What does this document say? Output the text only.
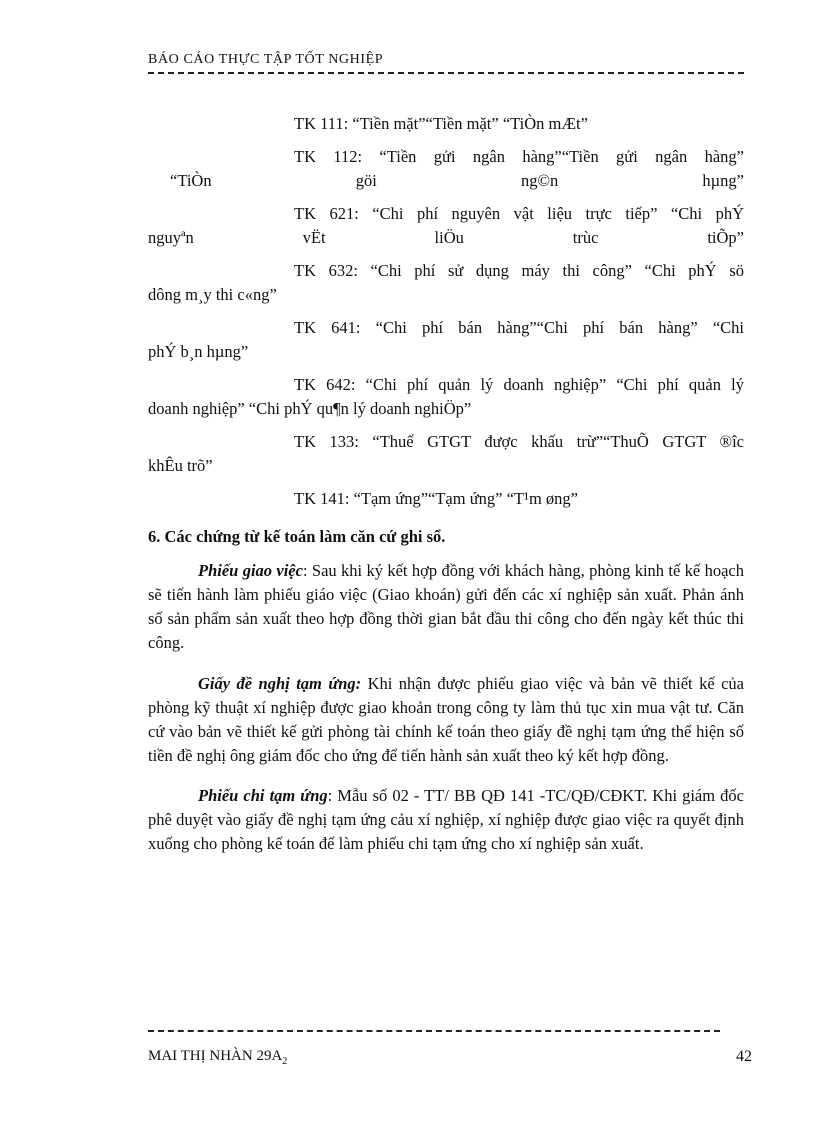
BÁO CÁO THỰC TẬP TỐT NGHIỆP
TK 111: “Tiền mặt”“Tiền mặt” “TiÒn mÆt”
TK 112: “Tiền gửi ngân hàng”“Tiền gửi ngân hàng”
“TiÒn göi ng©n hµng”
TK 621: “Chi phí nguyên vật liệu trực tiếp” “Chi phÝ
nguyªn vËt liÖu trùc tiÕp”
TK 632: “Chi phí sử dụng máy thi công” “Chi phÝ sö
dông m¸y thi c«ng”
TK 641: “Chi phí bán hàng”“Chi phí bán hàng” “Chi
phÝ b¸n hµng”
TK 642: “Chi phí quản lý doanh nghiệp” “Chi phí quản lý
doanh nghiệp” “Chi phÝ qu¶n lý doanh nghiÖp”
TK 133: “Thuế GTGT được khấu trừ”“ThuÕ GTGT ®îc
khÊu trõ”
TK 141: “Tạm ứng”“Tạm ứng” “T¹m øng”
6. Các chứng từ kế toán làm căn cứ ghi sổ.

Phiếu giao việc: Sau khi ký kết hợp đồng với khách hàng, phòng kinh tế kế hoạch sẽ tiến hành làm phiếu giáo việc (Giao khoán) gửi đến các xí nghiệp sản xuất. Phản ánh số sản phẩm sản xuất theo hợp đồng thời gian bắt đầu thi công cho đến ngày kết thúc thi công.

Giấy đề nghị tạm ứng: Khi nhận được phiếu giao việc và bản vẽ thiết kế của phòng kỹ thuật xí nghiệp được giao khoản trong công ty làm thủ tục xin mua vật tư. Căn cứ vào bản vẽ thiết kế gửi phòng tài chính kế toán theo giấy đề nghị tạm ứng thể hiện số tiền đề nghị ông giám đốc cho ứng để tiến hành sản xuất theo ký kết hợp đồng.

Phiếu chi tạm ứng: Mẫu số 02 - TT/ BB QĐ 141 -TC/QĐ/CĐKT. Khi giám đốc phê duyệt vào giấy đề nghị tạm ứng cảu xí nghiệp, xí nghiệp được giao việc ra quyết định xuống cho phòng kế toán để làm phiếu chi tạm ứng cho xí nghiệp sản xuất.

MAI THỊ NHÀN $29A_2$	42
